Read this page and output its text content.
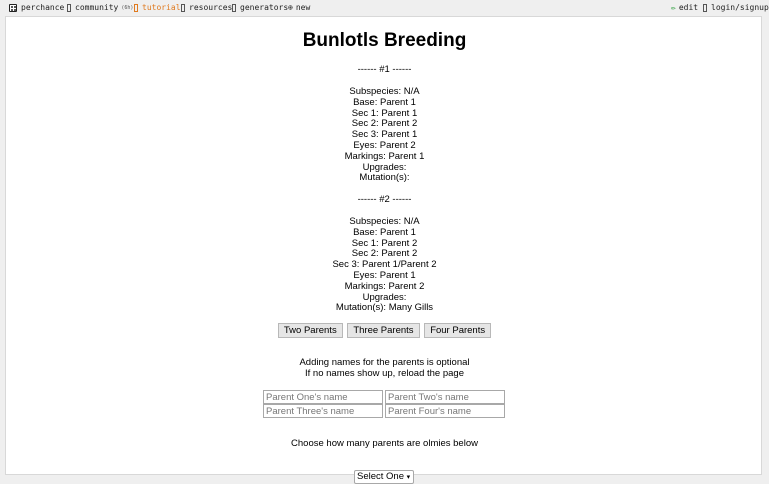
perchance community (6h) tutorial resources generators ⊕ new	✏ edit login/signup
Bunlotls Breeding
------ #1 ------
Subspecies: N/A
Base: Parent 1
Sec 1: Parent 1
Sec 2: Parent 2
Sec 3: Parent 1
Eyes: Parent 2
Markings: Parent 1
Upgrades:
Mutation(s):
------ #2 ------
Subspecies: N/A
Base: Parent 1
Sec 1: Parent 2
Sec 2: Parent 2
Sec 3: Parent 1/Parent 2
Eyes: Parent 1
Markings: Parent 2
Upgrades:
Mutation(s): Many Gills
Two Parents Three Parents Four Parents
Adding names for the parents is optional
If no names show up, reload the page
Parent One's name
Parent Two's name
Parent Three's name
Parent Four's name
Choose how many parents are olmies below
Select One ▾
